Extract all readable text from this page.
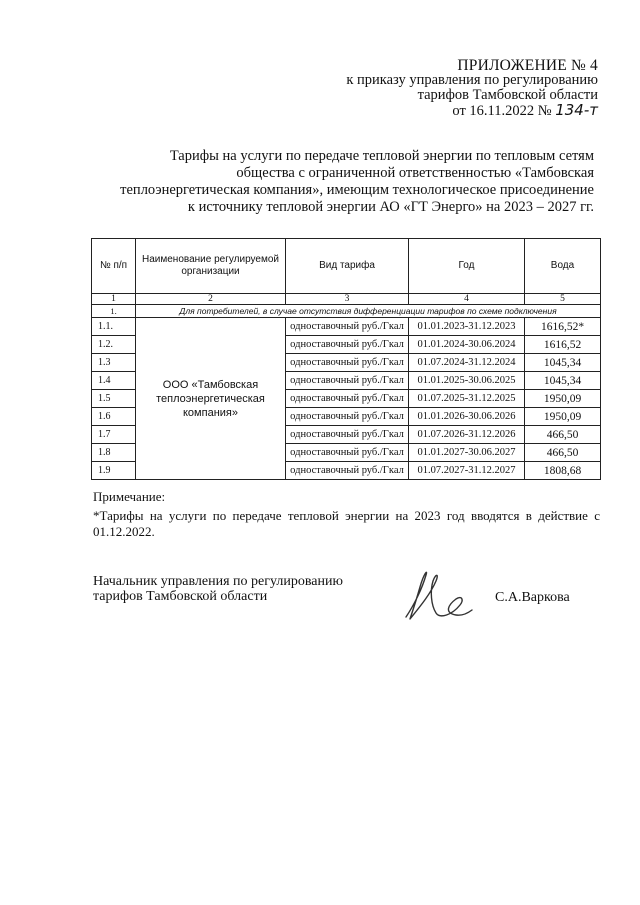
ПРИЛОЖЕНИЕ № 4
к приказу управления по регулированию
тарифов Тамбовской области
от 16.11.2022 № 134-т
Тарифы на услуги по передаче тепловой энергии по тепловым сетям
общества с ограниченной ответственностью «Тамбовская
теплоэнергетическая компания», имеющим технологическое присоединение
к источнику тепловой энергии АО «ГТ Энерго» на 2023 – 2027 гг.
№ п/п	Наименование регулируемой организации	Вид тарифа	Год	Вода
1	2	3	4	5
1.	Для потребителей, в случае отсутствия дифференциации тарифов по схеме подключения			
1.1.	ООО «Тамбовская теплоэнергетическая компания»	одноставочный руб./Гкал	01.01.2023-31.12.2023	1616,52*
1.2.		одноставочный руб./Гкал	01.01.2024-30.06.2024	1616,52
1.3		одноставочный руб./Гкал	01.07.2024-31.12.2024	1045,34
1.4		одноставочный руб./Гкал	01.01.2025-30.06.2025	1045,34
1.5		одноставочный руб./Гкал	01.07.2025-31.12.2025	1950,09
1.6		одноставочный руб./Гкал	01.01.2026-30.06.2026	1950,09
1.7		одноставочный руб./Гкал	01.07.2026-31.12.2026	466,50
1.8		одноставочный руб./Гкал	01.01.2027-30.06.2027	466,50
1.9		одноставочный руб./Гкал	01.07.2027-31.12.2027	1808,68
Примечание:
*Тарифы на услуги по передаче тепловой энергии на 2023 год вводятся в действие с 01.12.2022.
Начальник управления по регулированию
тарифов Тамбовской области	С.А.Варкова
